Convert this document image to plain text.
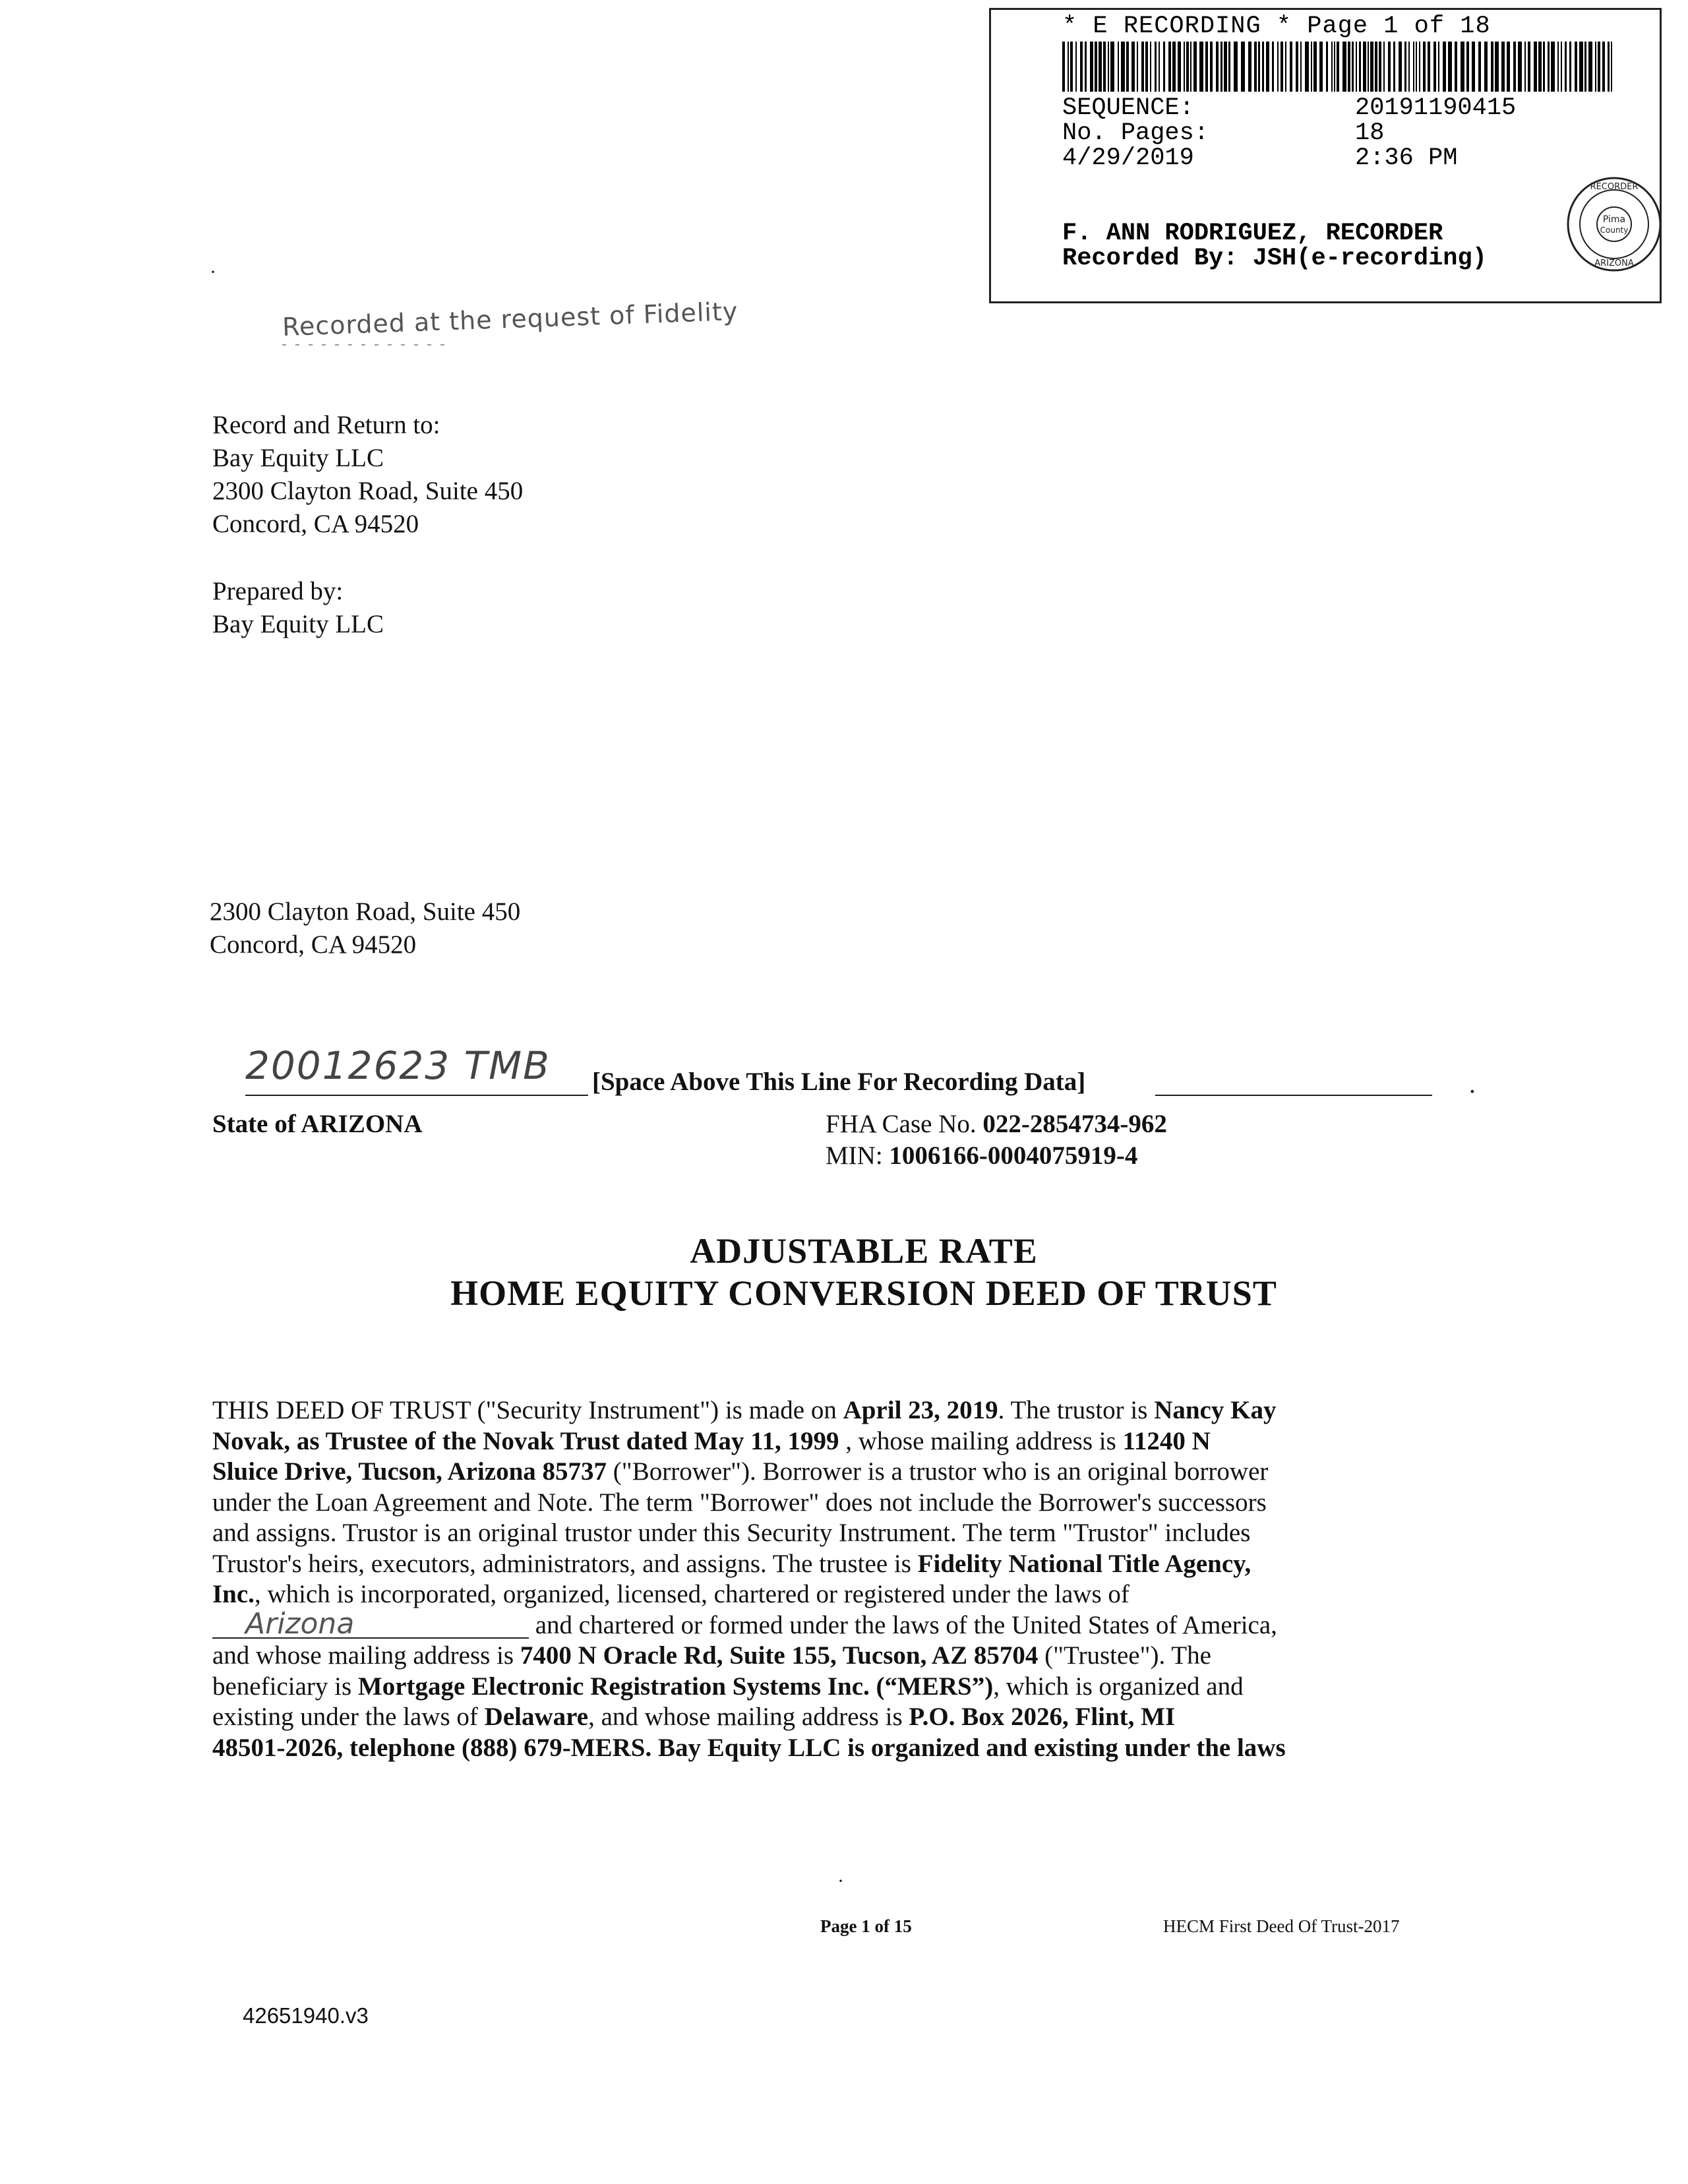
* E RECORDING * Page 1 of 18
SEQUENCE:	20191190415
No. Pages:	18
4/29/2019	2:36 PM
F. ANN RODRIGUEZ, RECORDER
Recorded By: JSH(e-recording)
Pima
County
RECORDER
ARIZONA
·
Recorded at the request of Fidelity
Record and Return to:
Bay Equity LLC
2300 Clayton Road, Suite 450
Concord, CA 94520
Prepared by:
Bay Equity LLC
2300 Clayton Road, Suite 450
Concord, CA 94520
20012623 TMB [Space Above This Line For Recording Data]	.
State of ARIZONA	FHA Case No. 022-2854734-962
MIN: 1006166-0004075919-4
ADJUSTABLE RATE
HOME EQUITY CONVERSION DEED OF TRUST
THIS DEED OF TRUST ("Security Instrument") is made on April 23, 2019. The trustor is Nancy Kay
Novak, as Trustee of the Novak Trust dated May 11, 1999 , whose mailing address is 11240 N
Sluice Drive, Tucson, Arizona 85737 ("Borrower"). Borrower is a trustor who is an original borrower
under the Loan Agreement and Note. The term "Borrower" does not include the Borrower's successors
and assigns. Trustor is an original trustor under this Security Instrument. The term "Trustor" includes
Trustor's heirs, executors, administrators, and assigns. The trustee is Fidelity National Title Agency,
Inc., which is incorporated, organized, licensed, chartered or registered under the laws of
Arizona	and chartered or formed under the laws of the United States of America,
and whose mailing address is 7400 N Oracle Rd, Suite 155, Tucson, AZ 85704 ("Trustee"). The
beneficiary is Mortgage Electronic Registration Systems Inc. (“MERS”), which is organized and
existing under the laws of Delaware, and whose mailing address is P.O. Box 2026, Flint, MI
48501-2026, telephone (888) 679-MERS. Bay Equity LLC is organized and existing under the laws
·
Page 1 of 15	HECM First Deed Of Trust-2017
42651940.v3
